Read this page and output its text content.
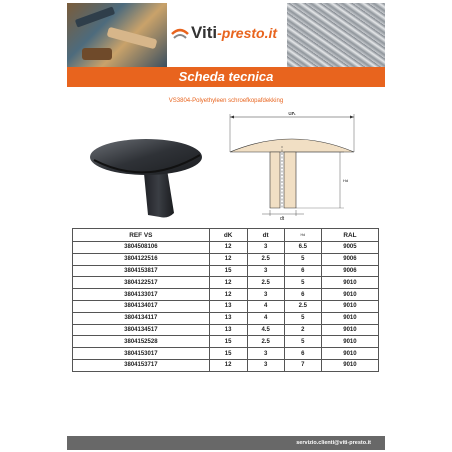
Viti-presto.it
Scheda tecnica
VS3804-Polyethyleen schroefkopafdekking
dK
Hd
dt
REF VS	dK	dt	Hd	RAL
3804508106	12	3	6.5	9005
3804122516	12	2.5	5	9006
3804153817	15	3	6	9006
3804122517	12	2.5	5	9010
3804133017	12	3	6	9010
3804134017	13	4	2.5	9010
3804134117	13	4	5	9010
3804134517	13	4.5	2	9010
3804152528	15	2.5	5	9010
3804153017	15	3	6	9010
3804153717	12	3	7	9010
servizio.clienti@viti-presto.it
